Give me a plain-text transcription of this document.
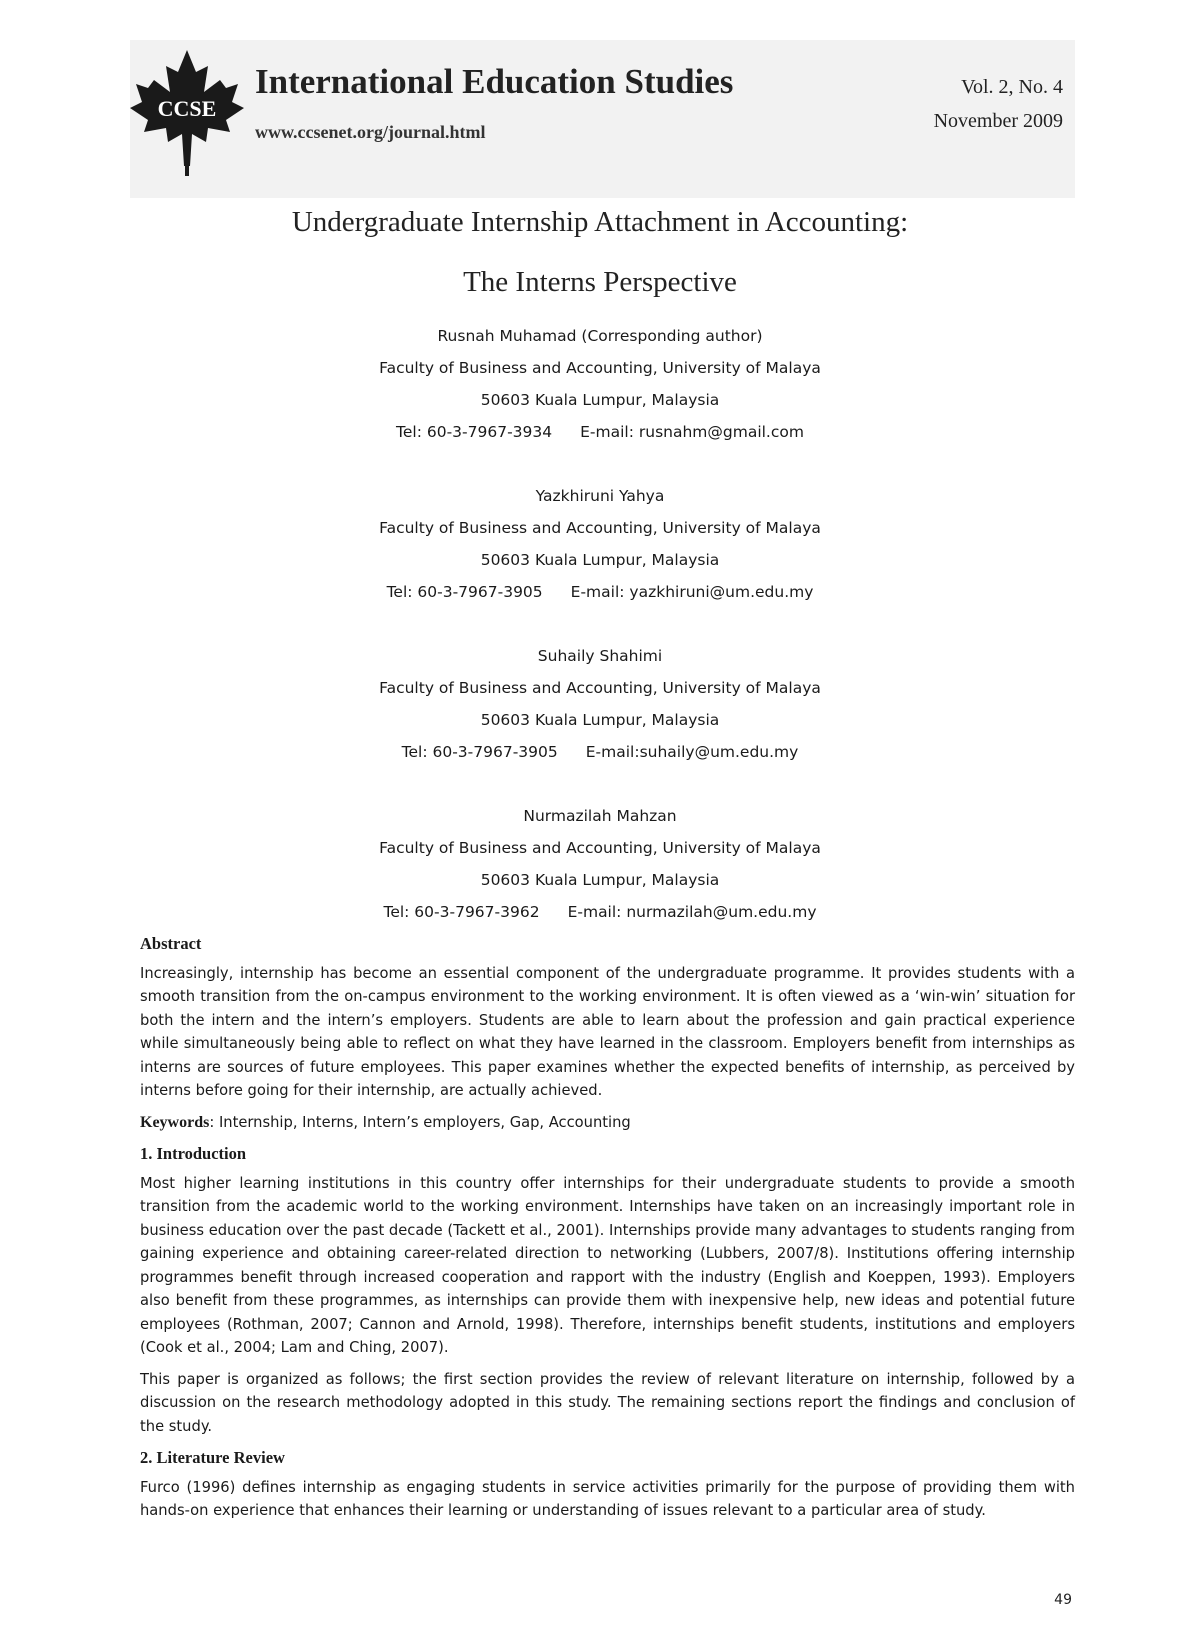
CCSE
International Education Studies
www.ccsenet.org/journal.html
Vol. 2, No. 4
November 2009
Undergraduate Internship Attachment in Accounting:
The Interns Perspective
Rusnah Muhamad (Corresponding author)
Faculty of Business and Accounting, University of Malaya
50603 Kuala Lumpur, Malaysia
Tel: 60-3-7967-3934 E-mail: rusnahm@gmail.com
Yazkhiruni Yahya
Faculty of Business and Accounting, University of Malaya
50603 Kuala Lumpur, Malaysia
Tel: 60-3-7967-3905 E-mail: yazkhiruni@um.edu.my
Suhaily Shahimi
Faculty of Business and Accounting, University of Malaya
50603 Kuala Lumpur, Malaysia
Tel: 60-3-7967-3905 E-mail:suhaily@um.edu.my
Nurmazilah Mahzan
Faculty of Business and Accounting, University of Malaya
50603 Kuala Lumpur, Malaysia
Tel: 60-3-7967-3962 E-mail: nurmazilah@um.edu.my
Abstract
Increasingly, internship has become an essential component of the undergraduate programme. It provides students with a smooth transition from the on-campus environment to the working environment. It is often viewed as a ‘win-win’ situation for both the intern and the intern’s employers. Students are able to learn about the profession and gain practical experience while simultaneously being able to reflect on what they have learned in the classroom. Employers benefit from internships as interns are sources of future employees. This paper examines whether the expected benefits of internship, as perceived by interns before going for their internship, are actually achieved.
Keywords: Internship, Interns, Intern’s employers, Gap, Accounting
1. Introduction
Most higher learning institutions in this country offer internships for their undergraduate students to provide a smooth transition from the academic world to the working environment. Internships have taken on an increasingly important role in business education over the past decade (Tackett et al., 2001). Internships provide many advantages to students ranging from gaining experience and obtaining career-related direction to networking (Lubbers, 2007/8). Institutions offering internship programmes benefit through increased cooperation and rapport with the industry (English and Koeppen, 1993). Employers also benefit from these programmes, as internships can provide them with inexpensive help, new ideas and potential future employees (Rothman, 2007; Cannon and Arnold, 1998). Therefore, internships benefit students, institutions and employers (Cook et al., 2004; Lam and Ching, 2007).
This paper is organized as follows; the first section provides the review of relevant literature on internship, followed by a discussion on the research methodology adopted in this study. The remaining sections report the findings and conclusion of the study.
2. Literature Review
Furco (1996) defines internship as engaging students in service activities primarily for the purpose of providing them with hands-on experience that enhances their learning or understanding of issues relevant to a particular area of study.
49
